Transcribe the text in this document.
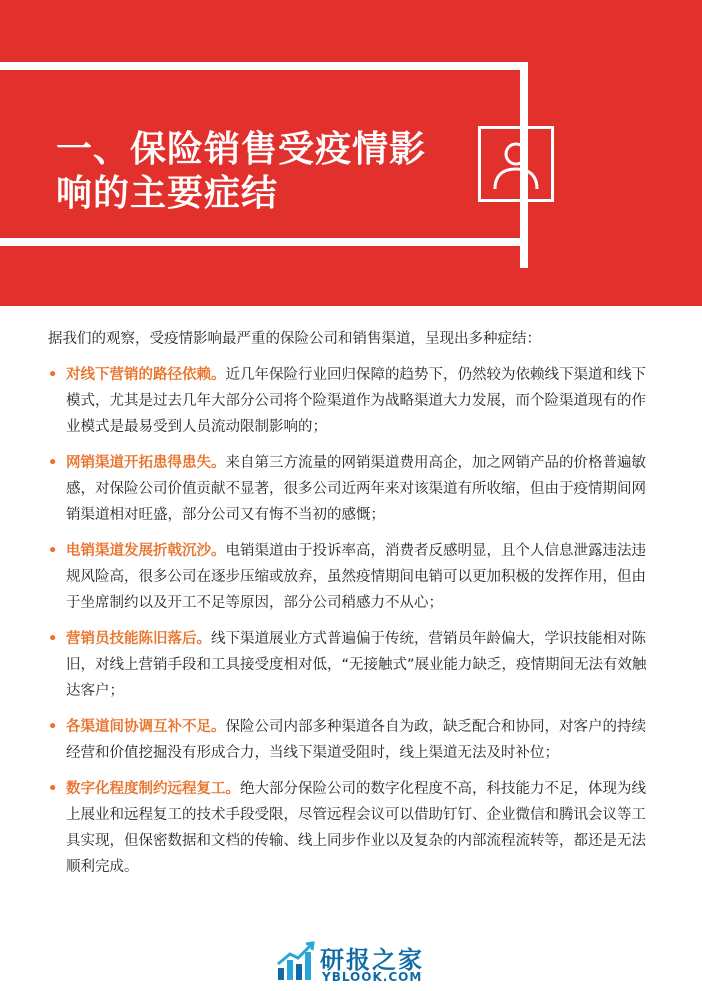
一、保险销售受疫情影
响的主要症结

据我们的观察，受疫情影响最严重的保险公司和销售渠道，呈现出多种症结：

• 对线下营销的路径依赖。近几年保险行业回归保障的趋势下，仍然较为依赖线下渠道和线下模式，尤其是过去几年大部分公司将个险渠道作为战略渠道大力发展，而个险渠道现有的作业模式是最易受到人员流动限制影响的；
• 网销渠道开拓患得患失。来自第三方流量的网销渠道费用高企，加之网销产品的价格普遍敏感，对保险公司价值贡献不显著，很多公司近两年来对该渠道有所收缩，但由于疫情期间网销渠道相对旺盛，部分公司又有悔不当初的感慨；
• 电销渠道发展折戟沉沙。电销渠道由于投诉率高，消费者反感明显，且个人信息泄露违法违规风险高，很多公司在逐步压缩或放弃，虽然疫情期间电销可以更加积极的发挥作用，但由于坐席制约以及开工不足等原因，部分公司稍感力不从心；
• 营销员技能陈旧落后。线下渠道展业方式普遍偏于传统，营销员年龄偏大，学识技能相对陈旧，对线上营销手段和工具接受度相对低，“无接触式”展业能力缺乏，疫情期间无法有效触达客户；
• 各渠道间协调互补不足。保险公司内部多种渠道各自为政，缺乏配合和协同，对客户的持续经营和价值挖掘没有形成合力，当线下渠道受阻时，线上渠道无法及时补位；
• 数字化程度制约远程复工。绝大部分保险公司的数字化程度不高，科技能力不足，体现为线上展业和远程复工的技术手段受限，尽管远程会议可以借助钉钉、企业微信和腾讯会议等工具实现，但保密数据和文档的传输、线上同步作业以及复杂的内部流程流转等，都还是无法顺利完成。
研报之家
YBLOOK.COM
